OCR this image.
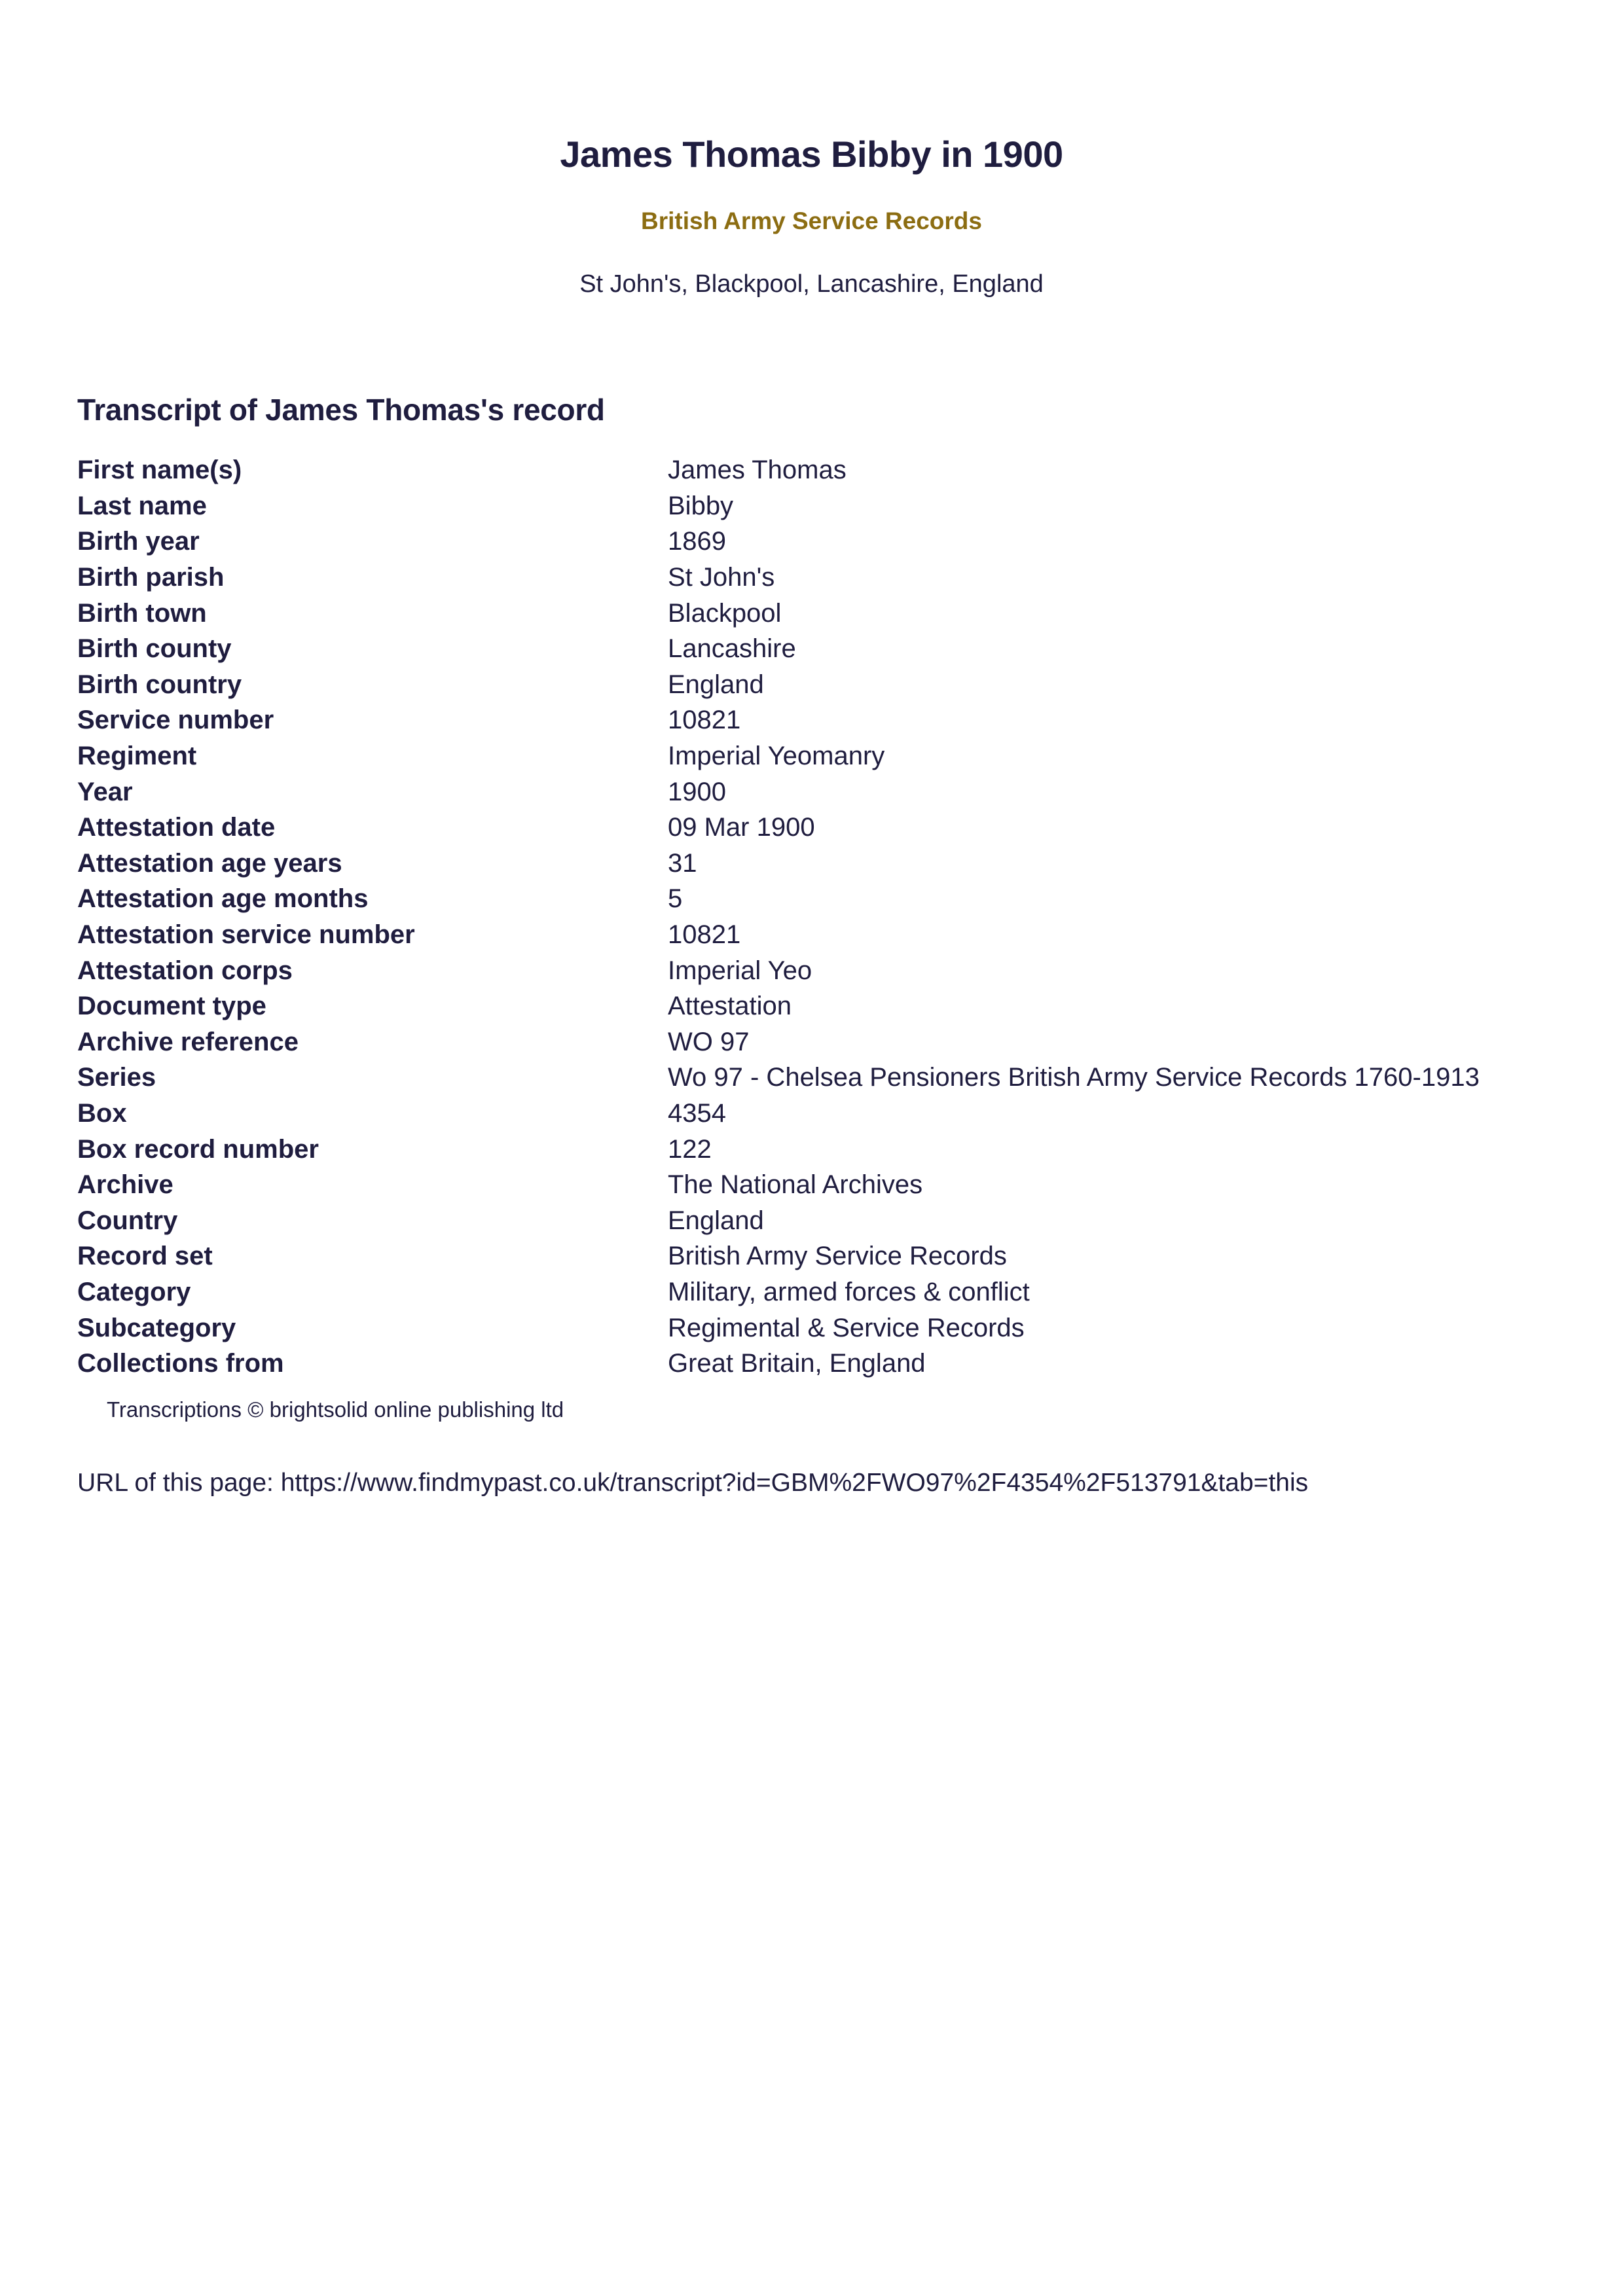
James Thomas Bibby in 1900

British Army Service Records

St John's, Blackpool, Lancashire, England

Transcript of James Thomas's record
First name(s)	James Thomas
Last name	Bibby
Birth year	1869
Birth parish	St John's
Birth town	Blackpool
Birth county	Lancashire
Birth country	England
Service number	10821
Regiment	Imperial Yeomanry
Year	1900
Attestation date	09 Mar 1900
Attestation age years	31
Attestation age months	5
Attestation service number	10821
Attestation corps	Imperial Yeo
Document type	Attestation
Archive reference	WO 97
Series	Wo 97 - Chelsea Pensioners British Army Service Records 1760-1913
Box	4354
Box record number	122
Archive	The National Archives
Country	England
Record set	British Army Service Records
Category	Military, armed forces & conflict
Subcategory	Regimental & Service Records
Collections from	Great Britain, England

Transcriptions © brightsolid online publishing ltd

URL of this page: https://www.findmypast.co.uk/transcript?id=GBM%2FWO97%2F4354%2F513791&tab=this
